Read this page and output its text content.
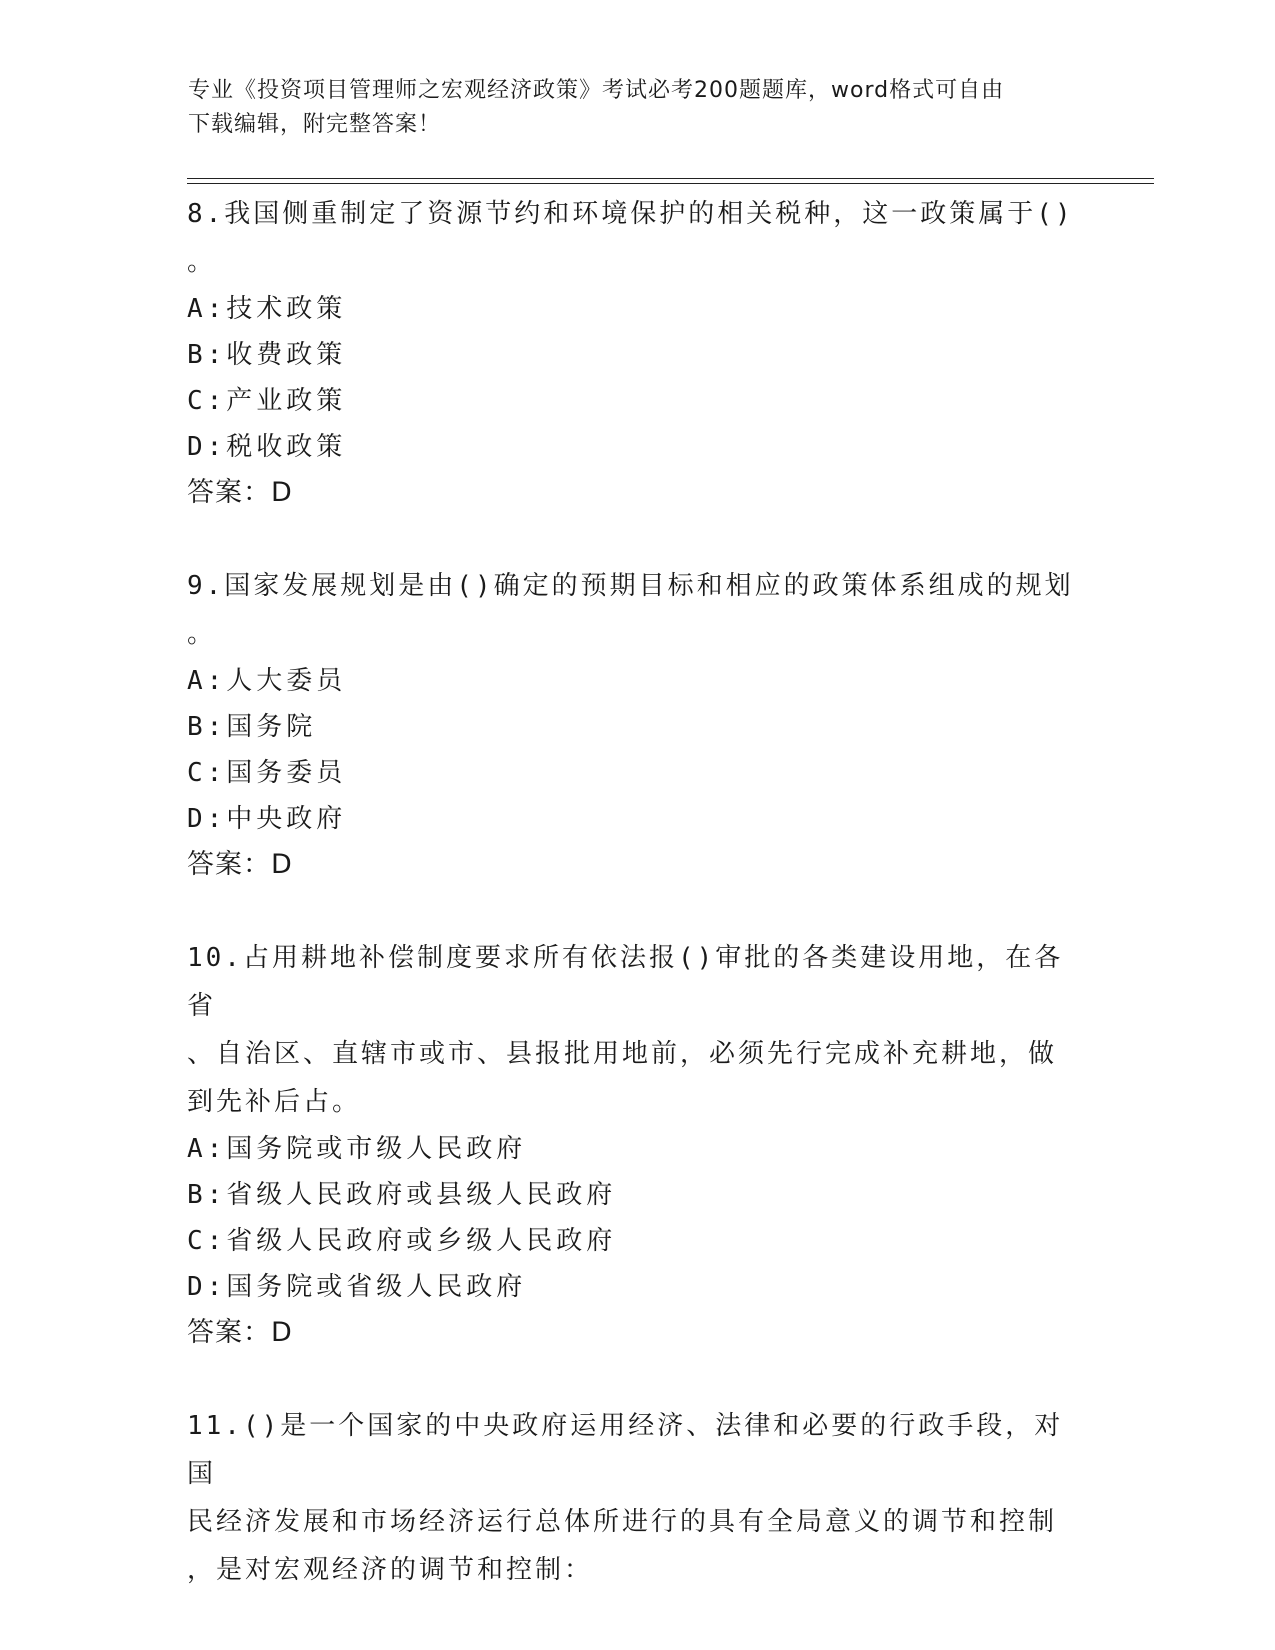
专业《投资项目管理师之宏观经济政策》考试必考200题题库，word格式可自由
下载编辑，附完整答案！
8.我国侧重制定了资源节约和环境保护的相关税种，这一政策属于()
。
A:技术政策
B:收费政策
C:产业政策
D:税收政策
答案：D
9.国家发展规划是由()确定的预期目标和相应的政策体系组成的规划
。
A:人大委员
B:国务院
C:国务委员
D:中央政府
答案：D
10.占用耕地补偿制度要求所有依法报()审批的各类建设用地，在各省
、自治区、直辖市或市、县报批用地前，必须先行完成补充耕地，做
到先补后占。
A:国务院或市级人民政府
B:省级人民政府或县级人民政府
C:省级人民政府或乡级人民政府
D:国务院或省级人民政府
答案：D
11.()是一个国家的中央政府运用经济、法律和必要的行政手段，对国
民经济发展和市场经济运行总体所进行的具有全局意义的调节和控制
，是对宏观经济的调节和控制：
